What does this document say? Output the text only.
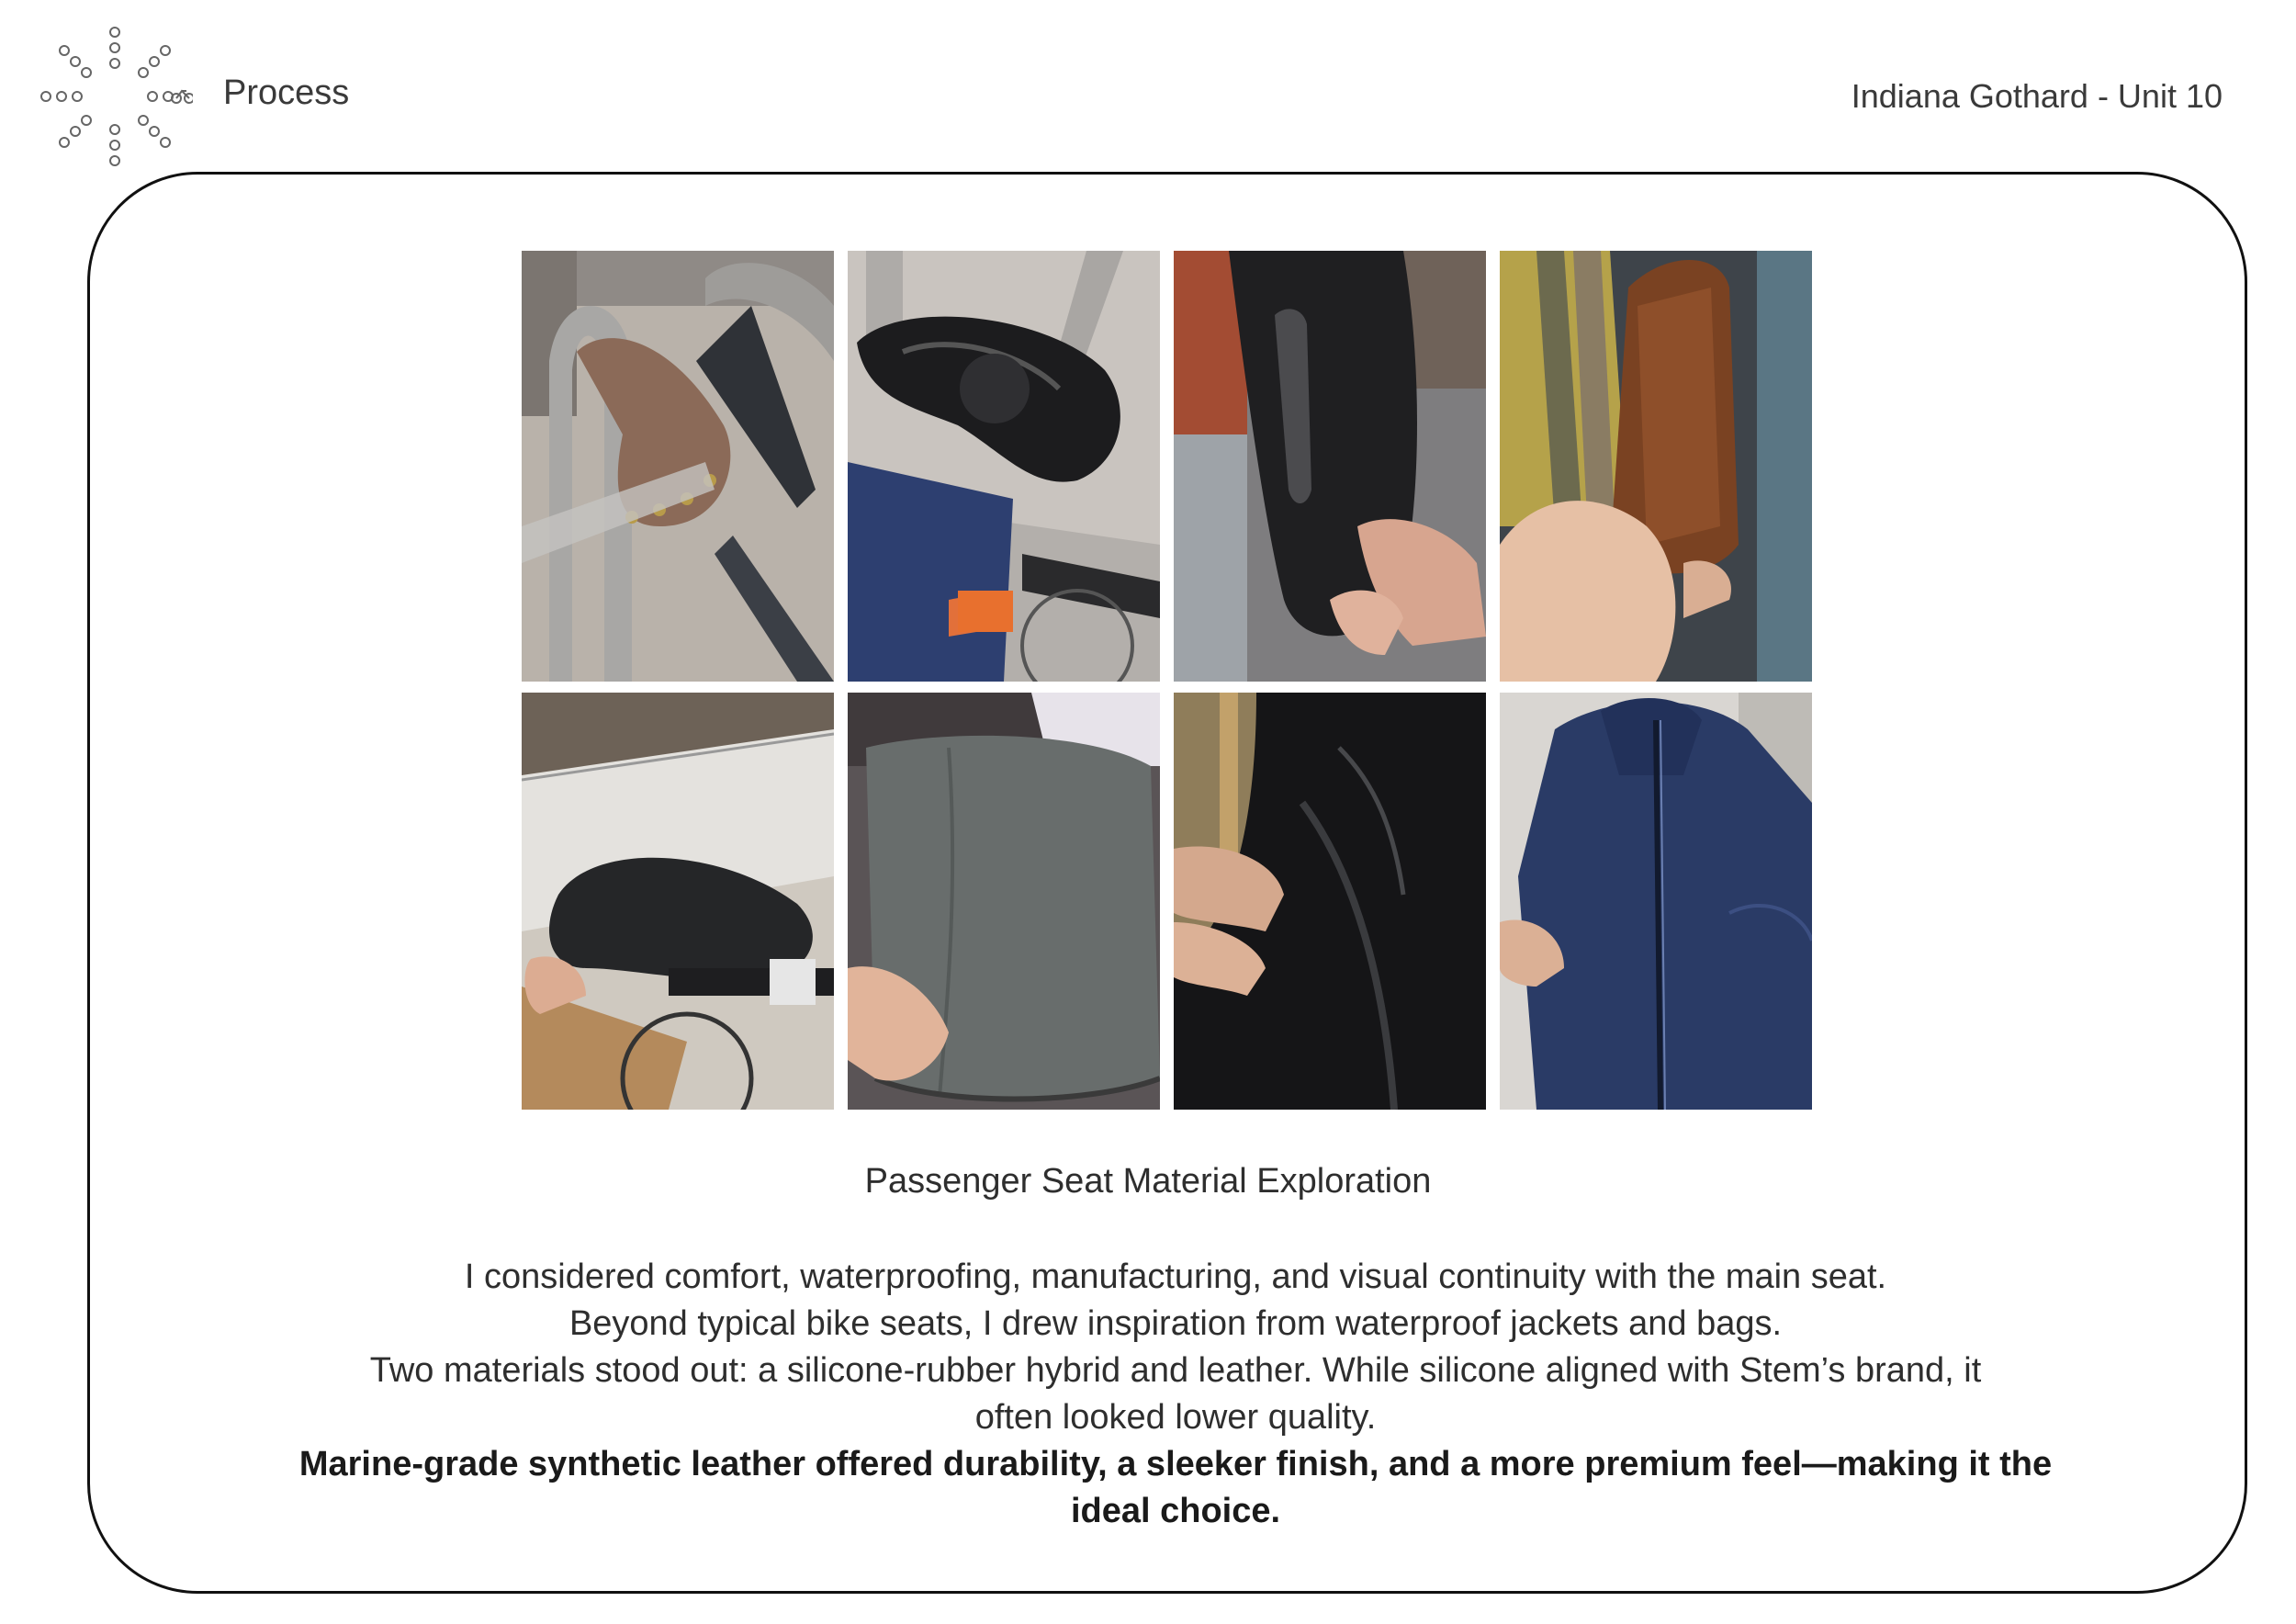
Process	Indiana Gothard - Unit 10
Passenger Seat Material Exploration
I considered comfort, waterproofing, manufacturing, and visual continuity with the main seat.
Beyond typical bike seats, I drew inspiration from waterproof jackets and bags.
Two materials stood out: a silicone-rubber hybrid and leather. While silicone aligned with Stem’s brand, it
often looked lower quality.
Marine-grade synthetic leather offered durability, a sleeker finish, and a more premium feel—making it the ideal choice.
